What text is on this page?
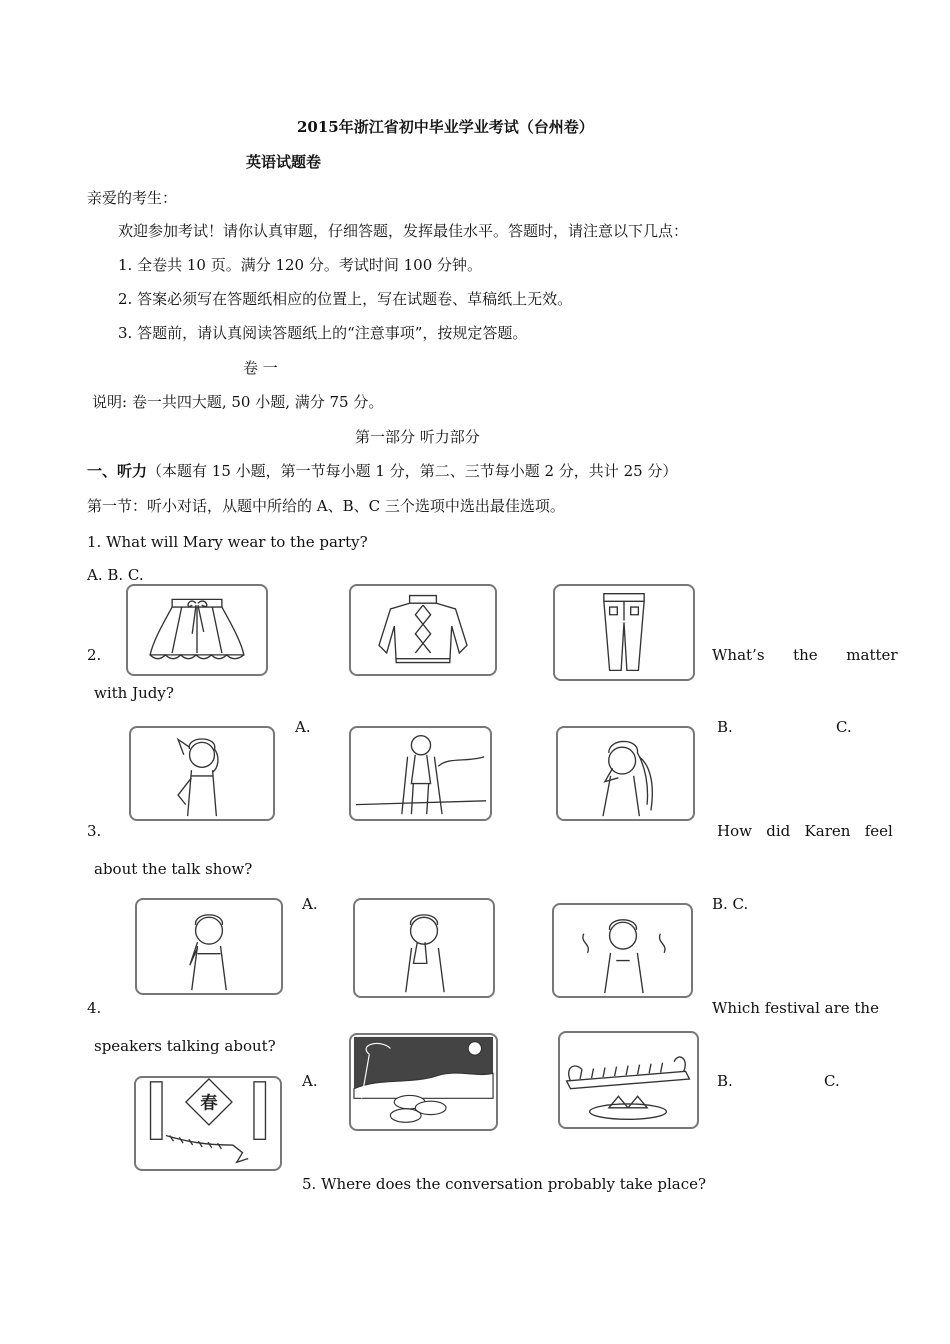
2015年浙江省初中毕业学业考试（台州卷）
英语试题卷
亲爱的考生：
欢迎参加考试！请你认真审题，仔细答题，发挥最佳水平。答题时，请注意以下几点：
1. 全卷共 10 页。满分 120 分。考试时间 100 分钟。
2. 答案必须写在答题纸相应的位置上，写在试题卷、草稿纸上无效。
3. 答题前，请认真阅读答题纸上的“注意事项”，按规定答题。
卷 一
说明: 卷一共四大题, 50 小题, 满分 75 分。
第一部分 听力部分
一、听力（本题有 15 小题，第一节每小题 1 分，第二、三节每小题 2 分，共计 25 分）
第一节：听小对话，从题中所给的 A、B、C 三个选项中选出最佳选项。
1. What will Mary wear to the party?
A. B. C.
2.	What’s      the      matter
with Judy?
A.	B.	C.
3.	How   did   Karen   feel
about the talk show?
A.	B. C.
4.	Which festival are the
speakers talking about?
A.	B.	C.
春
5. Where does the conversation probably take place?
